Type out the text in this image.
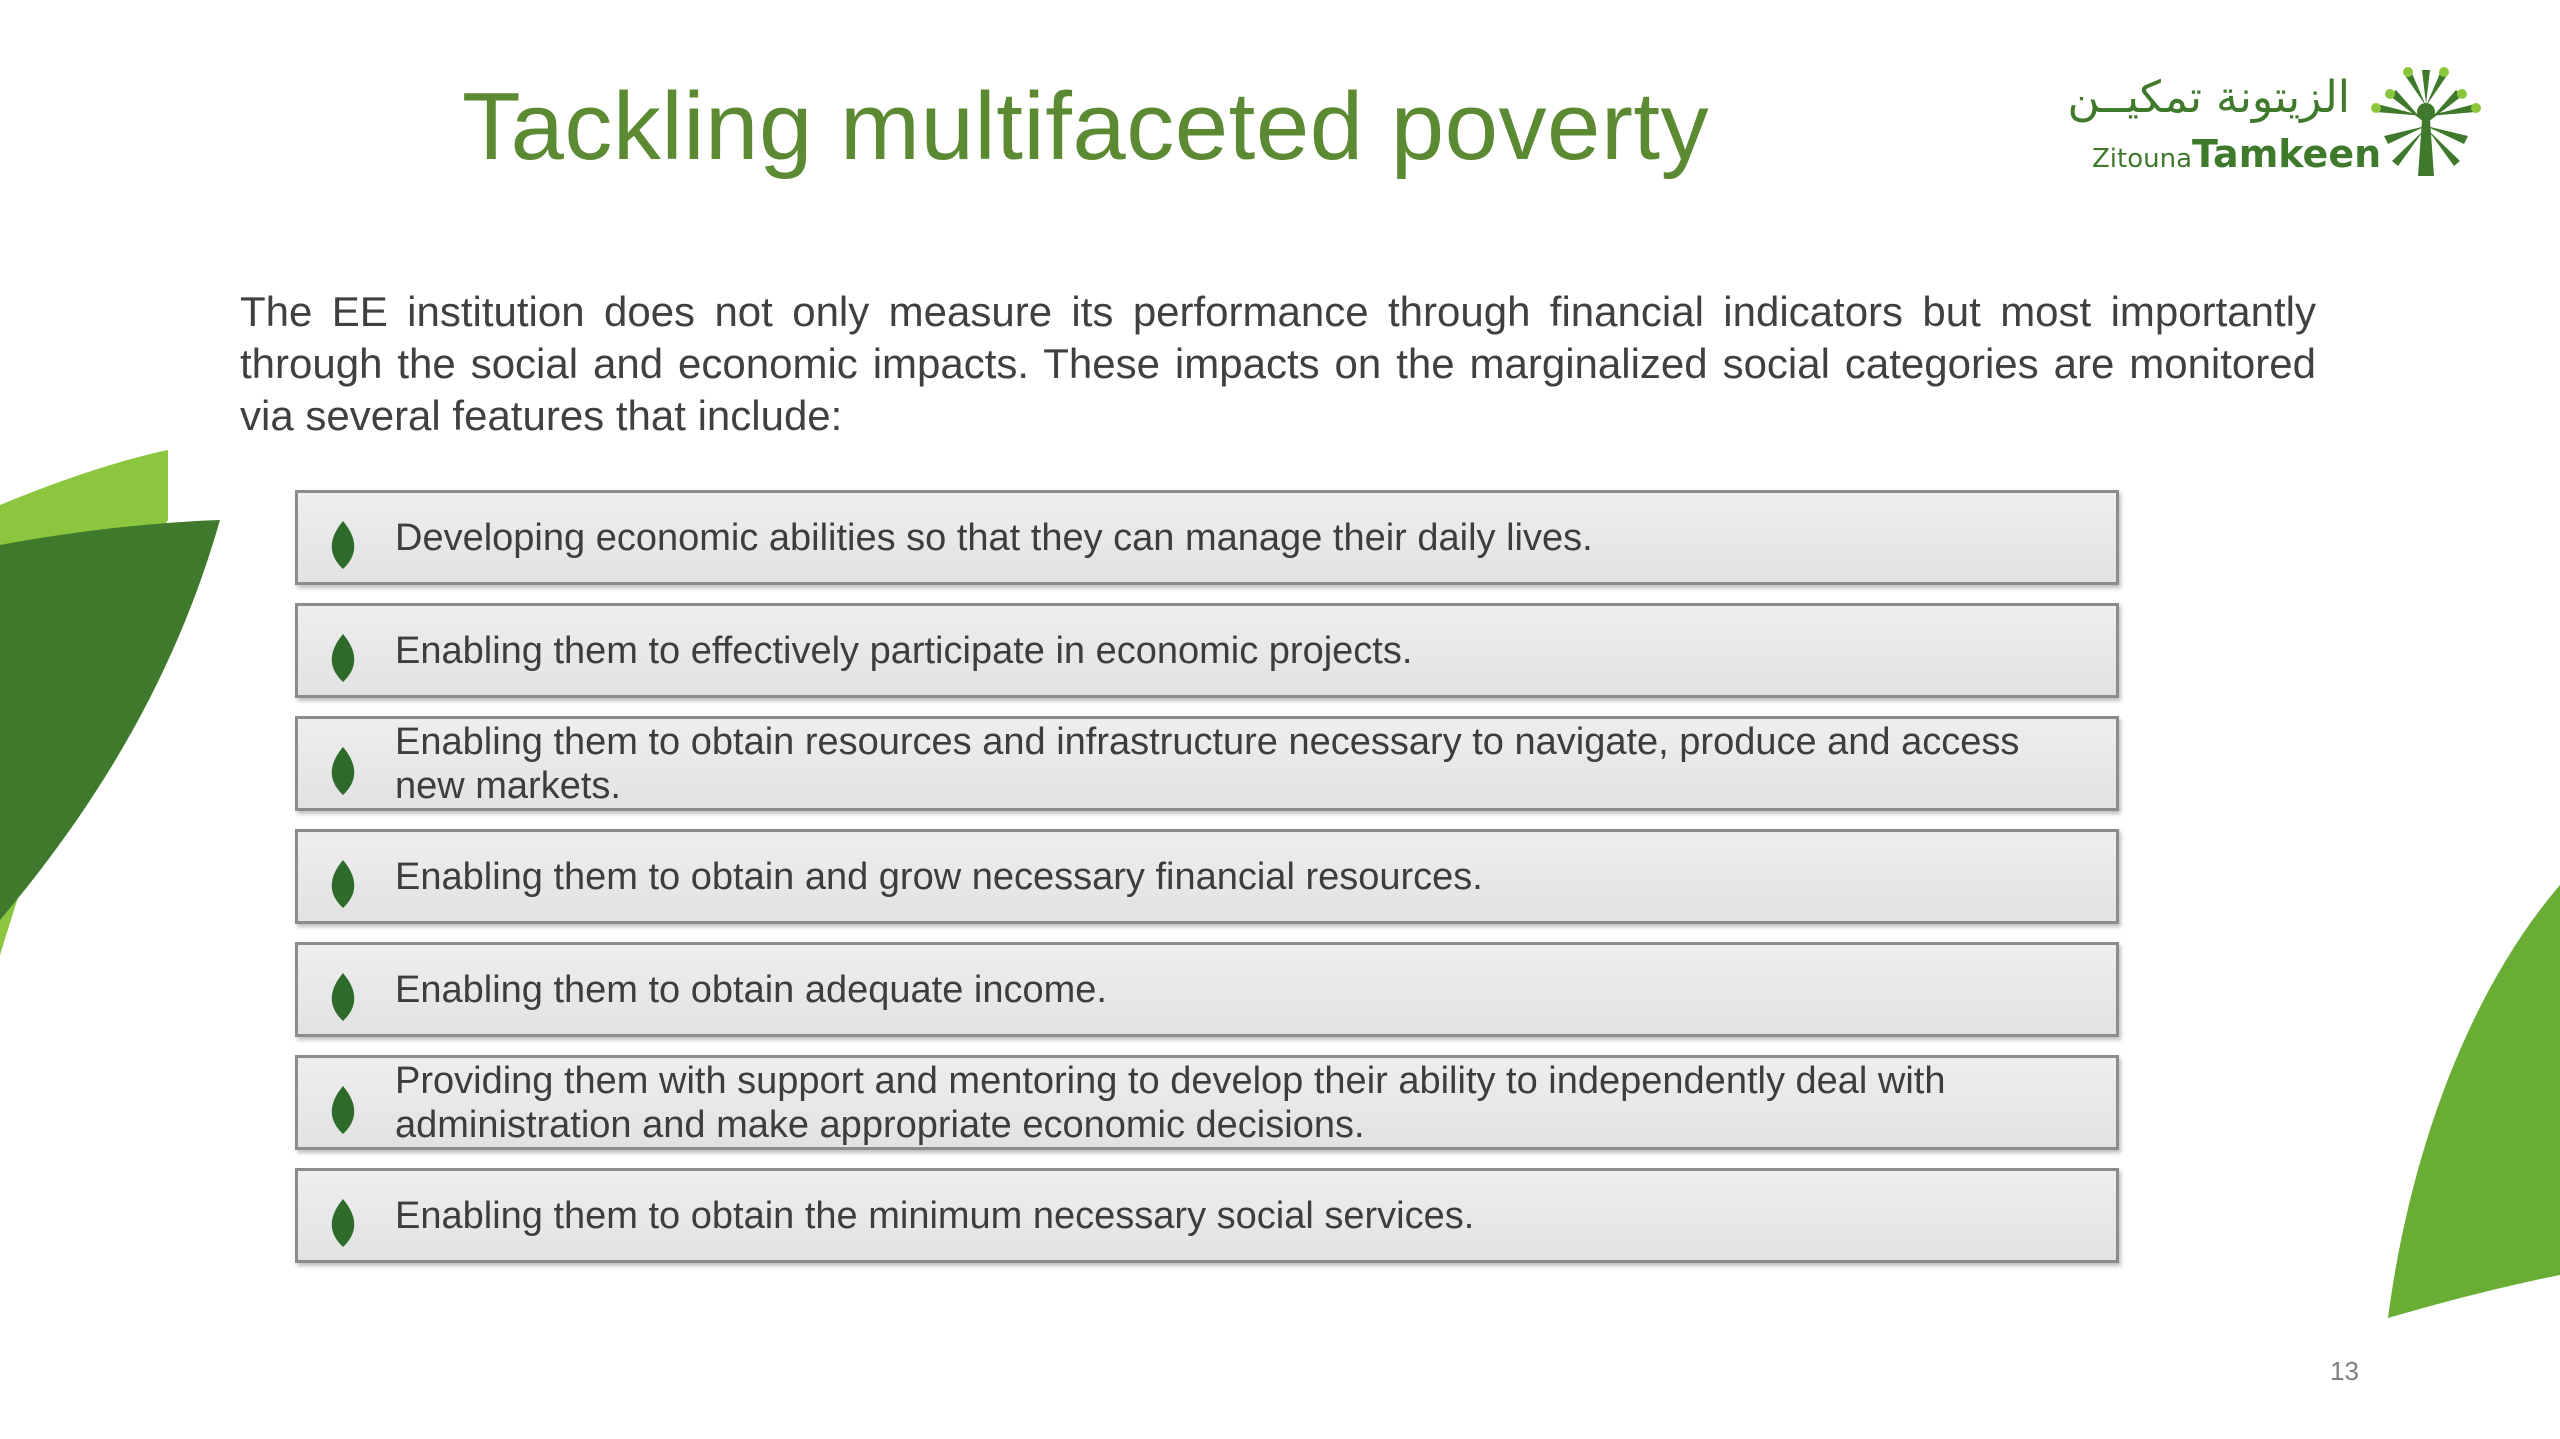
Tackling multifaceted poverty	الزيتونة تمكيــن
ZitounaTamkeen
The EE institution does not only measure its performance through financial indicators but most importantly through the social and economic impacts. These impacts on the marginalized social categories are monitored via several features that include:
Developing economic abilities so that they can manage their daily lives.
Enabling them to effectively participate in economic projects.
Enabling them to obtain resources and infrastructure necessary to navigate, produce and access new markets.
Enabling them to obtain and grow necessary financial resources.
Enabling them to obtain adequate income.
Providing them with support and mentoring to develop their ability to independently deal with administration and make appropriate economic decisions.
Enabling them to obtain the minimum necessary social services.
13
